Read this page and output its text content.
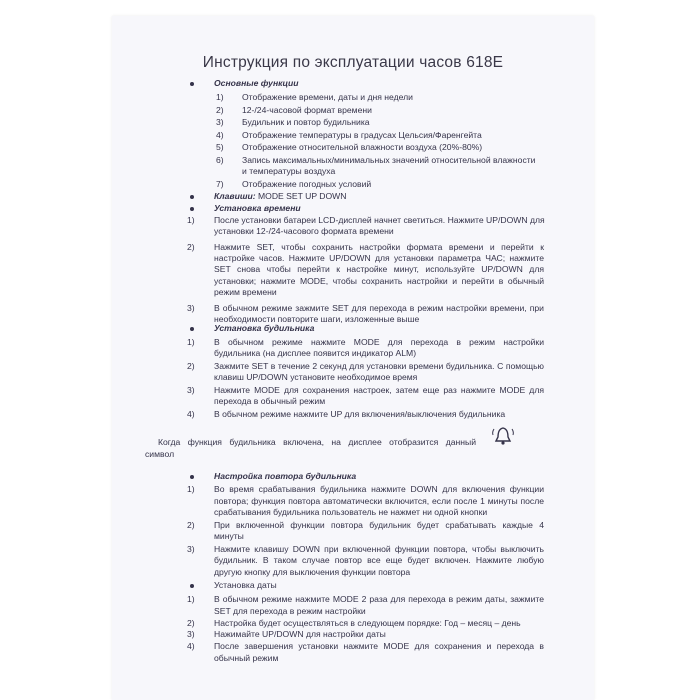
Инструкция по эксплуатации часов 618E
Основные функции
1) Отображение времени, даты и дня недели
2) 12-/24-часовой формат времени
3) Будильник и повтор будильника
4) Отображение температуры в градусах Цельсия/Фаренгейта
5) Отображение относительной влажности воздуха (20%-80%)
6) Запись максимальных/минимальных значений относительной влажности
и температуры воздуха
7) Отображение погодных условий
Клавиши: MODE SET UP DOWN
Установка времени
1) После установки батареи LCD-дисплей начнет светиться. Нажмите UP/DOWN для
установки 12-/24-часового формата времени
2) Нажмите SET, чтобы сохранить настройки формата времени и перейти к
настройке часов. Нажмите UP/DOWN для установки параметра ЧАС; нажмите
SET снова чтобы перейти к настройке минут, используйте UP/DOWN для
установки; нажмите MODE, чтобы сохранить настройки и перейти в обычный
режим времени
3) В обычном режиме зажмите SET для перехода в режим настройки времени, при
необходимости повторите шаги, изложенные выше
Установка будильника
1) В обычном режиме нажмите MODE для перехода в режим настройки
будильника (на дисплее появится индикатор ALM)
2) Зажмите SET в течение 2 секунд для установки времени будильника. С помощью
клавиш UP/DOWN установите необходимое время
3) Нажмите MODE для сохранения настроек, затем еще раз нажмите MODE для
перехода в обычный режим
4) В обычном режиме нажмите UP для включения/выключения будильника
Когда функция будильника включена, на дисплее отобразится данный
символ
Настройка повтора будильника
1) Во время срабатывания будильника нажмите DOWN для включения функции
повтора; функция повтора автоматически включится, если после 1 минуты после
срабатывания будильника пользователь не нажмет ни одной кнопки
2) При включенной функции повтора будильник будет срабатывать каждые 4
минуты
3) Нажмите клавишу DOWN при включенной функции повтора, чтобы выключить
будильник. В таком случае повтор все еще будет включен. Нажмите любую
другую кнопку для выключения функции повтора
Установка даты
1) В обычном режиме нажмите MODE 2 раза для перехода в режим даты, зажмите
SET для перехода в режим настройки
2) Настройка будет осуществляться в следующем порядке: Год – месяц – день
3) Нажимайте UP/DOWN для настройки даты
4) После завершения установки нажмите MODE для сохранения и перехода в
обычный режим
